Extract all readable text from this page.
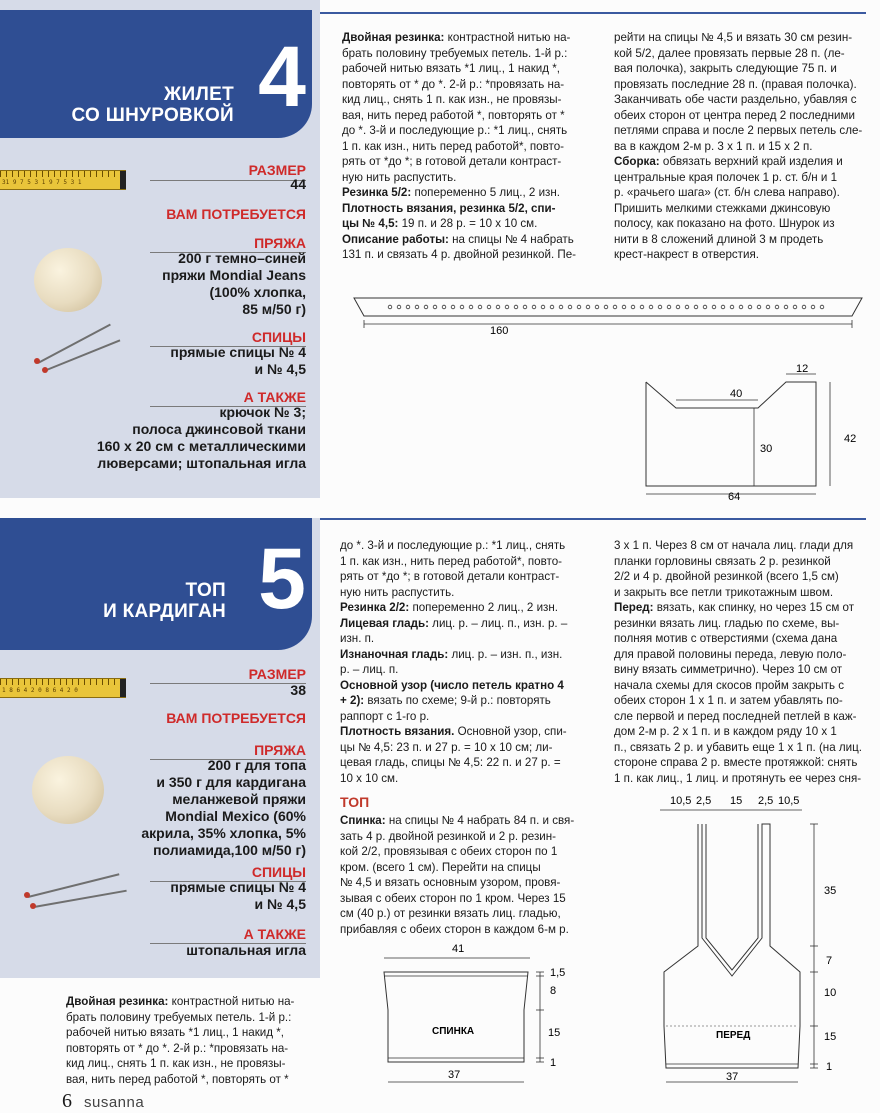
ЖИЛЕТ
СО ШНУРОВКОЙ 4
31 9 7 5 3 1 9 7 5 3 1
РАЗМЕР
44
ВАМ ПОТРЕБУЕТСЯ
ПРЯЖА
200 г темно–синей
пряжи Mondial Jeans
(100% хлопка,
85 м/50 г)
СПИЦЫ
прямые спицы № 4
и № 4,5
А ТАКЖЕ
крючок № 3;
полоса джинсовой ткани
160 х 20 см с металлическими
люверсами; штопальная игла

Двойная резинка: контрастной нитью на-

брать половину требуемых петель. 1-й р.:

рабочей нитью вязать *1 лиц., 1 накид *,

повторять от * до *. 2-й р.: *провязать на-

кид лиц., снять 1 п. как изн., не провязы-

вая, нить перед работой *, повторять от *

до *. 3-й и последующие р.: *1 лиц., снять

1 п. как изн., нить перед работой*, повто-

рять от *до *; в готовой детали контраст-

ную нить распустить.

Резинка 5/2: попеременно 5 лиц., 2 изн.

Плотность вязания, резинка 5/2, спи-

цы № 4,5: 19 п. и 28 р. = 10 х 10 см.

Описание работы: на спицы № 4 набрать

131 п. и связать 4 р. двойной резинкой. Пе-

рейти на спицы № 4,5 и вязать 30 см резин-

кой 5/2, далее провязать первые 28 п. (ле-

вая полочка), закрыть следующие 75 п. и

провязать последние 28 п. (правая полочка).

Заканчивать обе части раздельно, убавляя с

обеих сторон от центра перед 2 последними

петлями справа и после 2 первых петель сле-

ва в каждом 2-м р. 3 х 1 п. и 15 х 2 п.

Сборка: обвязать верхний край изделия и

центральные края полочек 1 р. ст. б/н и 1

р. «рачьего шага» (ст. б/н слева направо).

Пришить мелкими стежками джинсовую

полосу, как показано на фото. Шнурок из

нити в 8 сложений длиной 3 м продеть

крест-накрест в отверстия.

160
12
40
30
42
64
ТОП
И КАРДИГАН 5
1 8 6 4 2 0 8 6 4 2 0
РАЗМЕР
38
ВАМ ПОТРЕБУЕТСЯ
ПРЯЖА
200 г для топа
и 350 г для кардигана
меланжевой пряжи
Mondial Mexico (60%
акрила, 35% хлопка, 5%
полиамида,100 м/50 г)
СПИЦЫ
прямые спицы № 4
и № 4,5
А ТАКЖЕ
штопальная игла

Двойная резинка: контрастной нитью на-

брать половину требуемых петель. 1-й р.:

рабочей нитью вязать *1 лиц., 1 накид *,

повторять от * до *. 2-й р.: *провязать на-

кид лиц., снять 1 п. как изн., не провязы-

вая, нить перед работой *, повторять от *

до *. 3-й и последующие р.: *1 лиц., снять

1 п. как изн., нить перед работой*, повто-

рять от *до *; в готовой детали контраст-

ную нить распустить.

Резинка 2/2: попеременно 2 лиц., 2 изн.

Лицевая гладь: лиц. р. – лиц. п., изн. р. –

изн. п.

Изнаночная гладь: лиц. р. – изн. п., изн.

р. – лиц. п.

Основной узор (число петель кратно 4

+ 2): вязать по схеме; 9-й р.: повторять

раппорт с 1-го р.

Плотность вязания. Основной узор, спи-

цы № 4,5: 23 п. и 27 р. = 10 х 10 см; ли-

цевая гладь, спицы № 4,5: 22 п. и 27 р. =

10 х 10 см.

ТОП

Спинка: на спицы № 4 набрать 84 п. и свя-

зать 4 р. двойной резинкой и 2 р. резин-

кой 2/2, провязывая с обеих сторон по 1

кром. (всего 1 см). Перейти на спицы

№ 4,5 и вязать основным узором, провя-

зывая с обеих сторон по 1 кром. Через 15

см (40 р.) от резинки вязать лиц. гладью,

прибавляя с обеих сторон в каждом 6-м р.

3 х 1 п. Через 8 см от начала лиц. глади для

планки горловины связать 2 р. резинкой

2/2 и 4 р. двойной резинкой (всего 1,5 см)

и закрыть все петли трикотажным швом.

Перед: вязать, как спинку, но через 15 см от

резинки вязать лиц. гладью по схеме, вы-

полняя мотив с отверстиями (схема дана

для правой половины переда, левую поло-

вину вязать симметрично). Через 10 см от

начала схемы для скосов пройм закрыть с

обеих сторон 1 х 1 п. и затем убавлять по-

сле первой и перед последней петлей в каж-

дом 2-м р. 2 х 1 п. и в каждом ряду 10 х 1

п., связать 2 р. и убавить еще 1 х 1 п. (на лиц.

стороне справа 2 р. вместе протяжкой: снять

1 п. как лиц., 1 лиц. и протянуть ее через сня-

41
СПИНКА
1,5
8
15
1
37
10,5 2,5 15 2,5 10,5
ПЕРЕД
35
7
10
15
1
37
6 susanna
